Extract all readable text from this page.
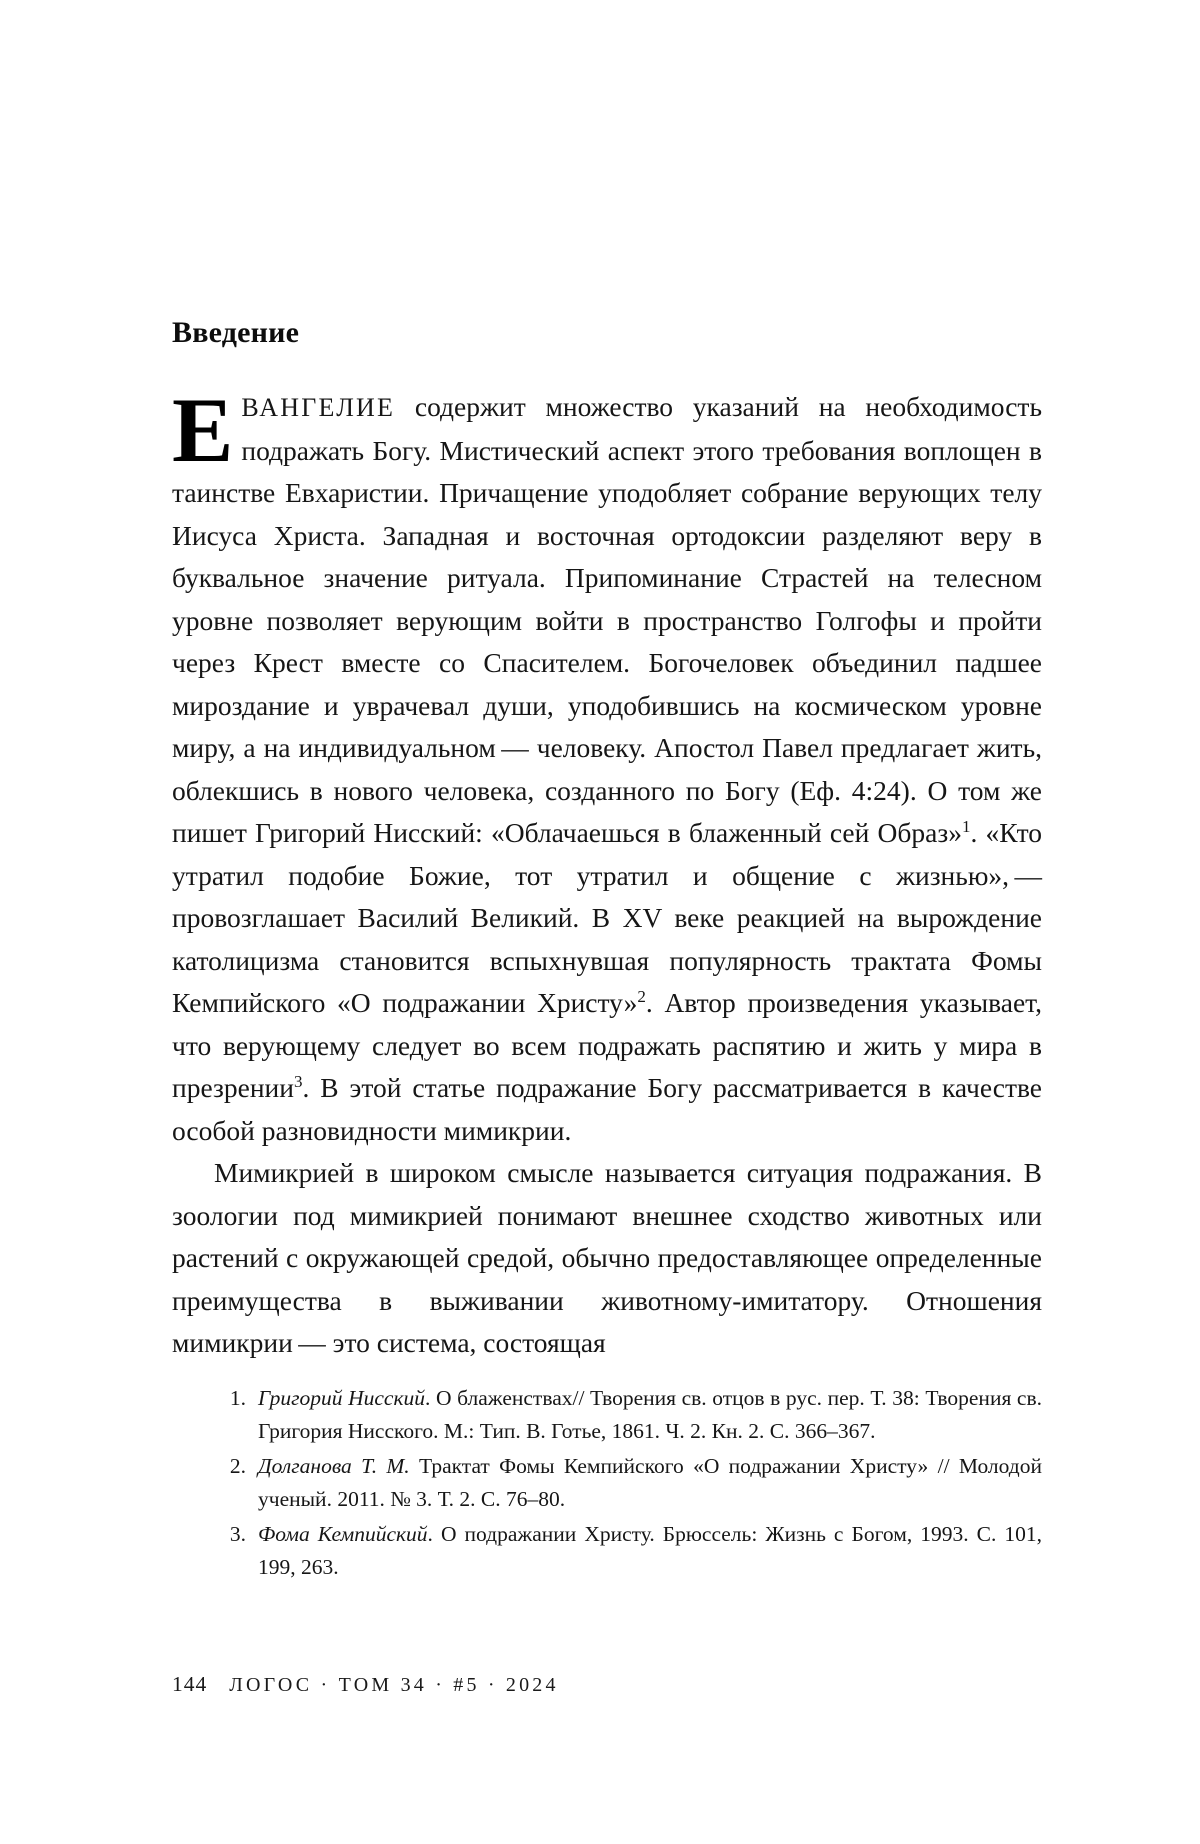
Введение

ЕВАНГЕЛИЕ содержит множество указаний на необходимость подражать Богу. Мистический аспект этого требования воплощен в таинстве Евхаристии. Причащение уподобляет собрание верующих телу Иисуса Христа. Западная и восточная ортодоксии разделяют веру в буквальное значение ритуала. Припоминание Страстей на телесном уровне позволяет верующим войти в пространство Голгофы и пройти через Крест вместе со Спасителем. Богочеловек объединил падшее мироздание и уврачевал души, уподобившись на космическом уровне миру, а на индивидуальном — человеку. Апостол Павел предлагает жить, облекшись в нового человека, созданного по Богу (Еф. 4:24). О том же пишет Григорий Нисский: «Облачаешься в блаженный сей Образ»$^1$. «Кто утратил подобие Божие, тот утратил и общение с жизнью», — провозглашает Василий Великий. В XV веке реакцией на вырождение католицизма становится вспыхнувшая популярность трактата Фомы Кемпийского «О подражании Христу»$^2$. Автор произведения указывает, что верующему следует во всем подражать распятию и жить у мира в презрении$^3$. В этой статье подражание Богу рассматривается в качестве особой разновидности мимикрии.

Мимикрией в широком смысле называется ситуация подражания. В зоологии под мимикрией понимают внешнее сходство животных или растений с окружающей средой, обычно предоставляющее определенные преимущества в выживании животному-имитатору. Отношения мимикрии — это система, состоящая

1. Григорий Нисский. О блаженствах// Творения св. отцов в рус. пер. Т. 38: Творения св. Григория Нисского. М.: Тип. В. Готье, 1861. Ч. 2. Кн. 2. С. 366–367.
2. Долганова Т. М. Трактат Фомы Кемпийского «О подражании Христу» // Молодой ученый. 2011. № 3. Т. 2. С. 76–80.
3. Фома Кемпийский. О подражании Христу. Брюссель: Жизнь с Богом, 1993. С. 101, 199, 263.
144 ЛОГОС · ТОМ 34 · #5 · 2024
